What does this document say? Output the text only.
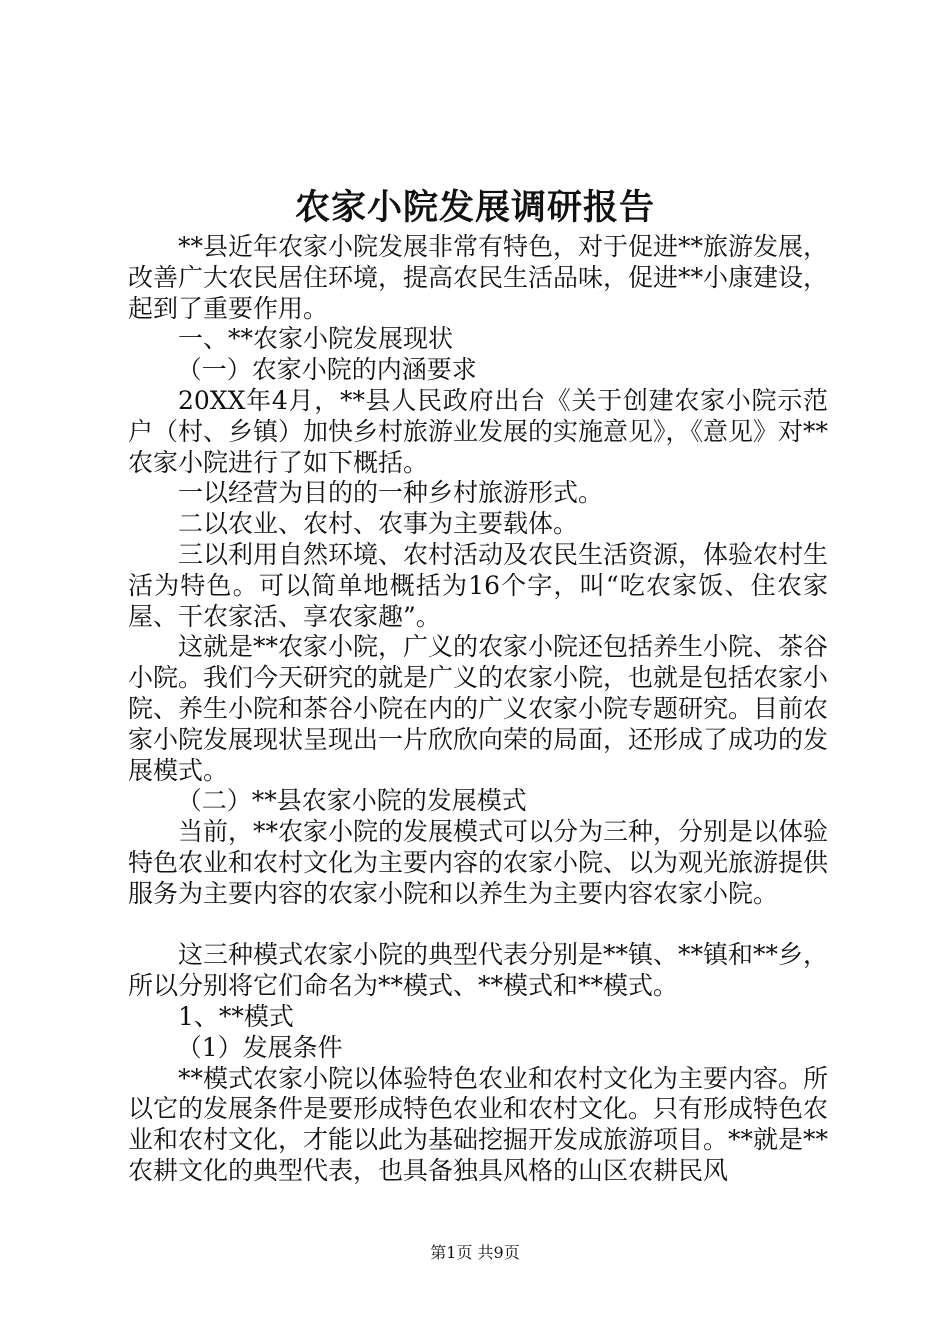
农家小院发展调研报告

**县近年农家小院发展非常有特色，对于促进**旅游发展，改善广大农民居住环境，提高农民生活品味，促进**小康建设，起到了重要作用。

一、**农家小院发展现状

（一）农家小院的内涵要求

20XX年4月，**县人民政府出台《关于创建农家小院示范户（村、乡镇）加快乡村旅游业发展的实施意见》，《意见》对**农家小院进行了如下概括。

一以经营为目的的一种乡村旅游形式。

二以农业、农村、农事为主要载体。

三以利用自然环境、农村活动及农民生活资源，体验农村生活为特色。可以简单地概括为16个字，叫“吃农家饭、住农家屋、干农家活、享农家趣”。

这就是**农家小院，广义的农家小院还包括养生小院、茶谷小院。我们今天研究的就是广义的农家小院，也就是包括农家小院、养生小院和茶谷小院在内的广义农家小院专题研究。目前农家小院发展现状呈现出一片欣欣向荣的局面，还形成了成功的发展模式。

（二）**县农家小院的发展模式

当前，**农家小院的发展模式可以分为三种，分别是以体验特色农业和农村文化为主要内容的农家小院、以为观光旅游提供服务为主要内容的农家小院和以养生为主要内容农家小院。

这三种模式农家小院的典型代表分别是**镇、**镇和**乡，所以分别将它们命名为**模式、**模式和**模式。

1、**模式

（1）发展条件

**模式农家小院以体验特色农业和农村文化为主要内容。所以它的发展条件是要形成特色农业和农村文化。只有形成特色农业和农村文化，才能以此为基础挖掘开发成旅游项目。**就是**农耕文化的典型代表，也具备独具风格的山区农耕民风

第1页 共9页
